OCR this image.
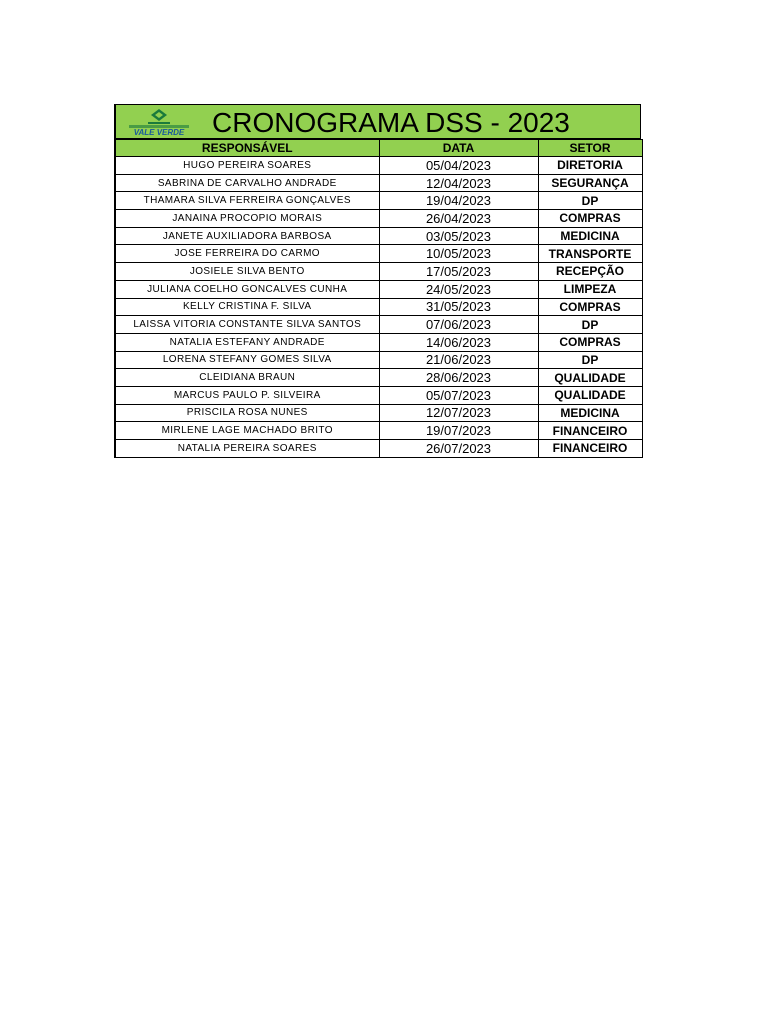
VALE VERDE CRONOGRAMA DSS - 2023
RESPONSÁVEL	DATA	SETOR
HUGO PEREIRA SOARES	05/04/2023	DIRETORIA
SABRINA DE CARVALHO ANDRADE	12/04/2023	SEGURANÇA
THAMARA SILVA FERREIRA GONÇALVES	19/04/2023	DP
JANAINA PROCOPIO MORAIS	26/04/2023	COMPRAS
JANETE AUXILIADORA BARBOSA	03/05/2023	MEDICINA
JOSE FERREIRA DO CARMO	10/05/2023	TRANSPORTE
JOSIELE SILVA BENTO	17/05/2023	RECEPÇÃO
JULIANA COELHO GONCALVES CUNHA	24/05/2023	LIMPEZA
KELLY CRISTINA F. SILVA	31/05/2023	COMPRAS
LAISSA VITORIA CONSTANTE SILVA SANTOS	07/06/2023	DP
NATALIA ESTEFANY ANDRADE	14/06/2023	COMPRAS
LORENA STEFANY GOMES SILVA	21/06/2023	DP
CLEIDIANA BRAUN	28/06/2023	QUALIDADE
MARCUS PAULO P. SILVEIRA	05/07/2023	QUALIDADE
PRISCILA ROSA NUNES	12/07/2023	MEDICINA
MIRLENE LAGE MACHADO BRITO	19/07/2023	FINANCEIRO
NATALIA PEREIRA SOARES	26/07/2023	FINANCEIRO
